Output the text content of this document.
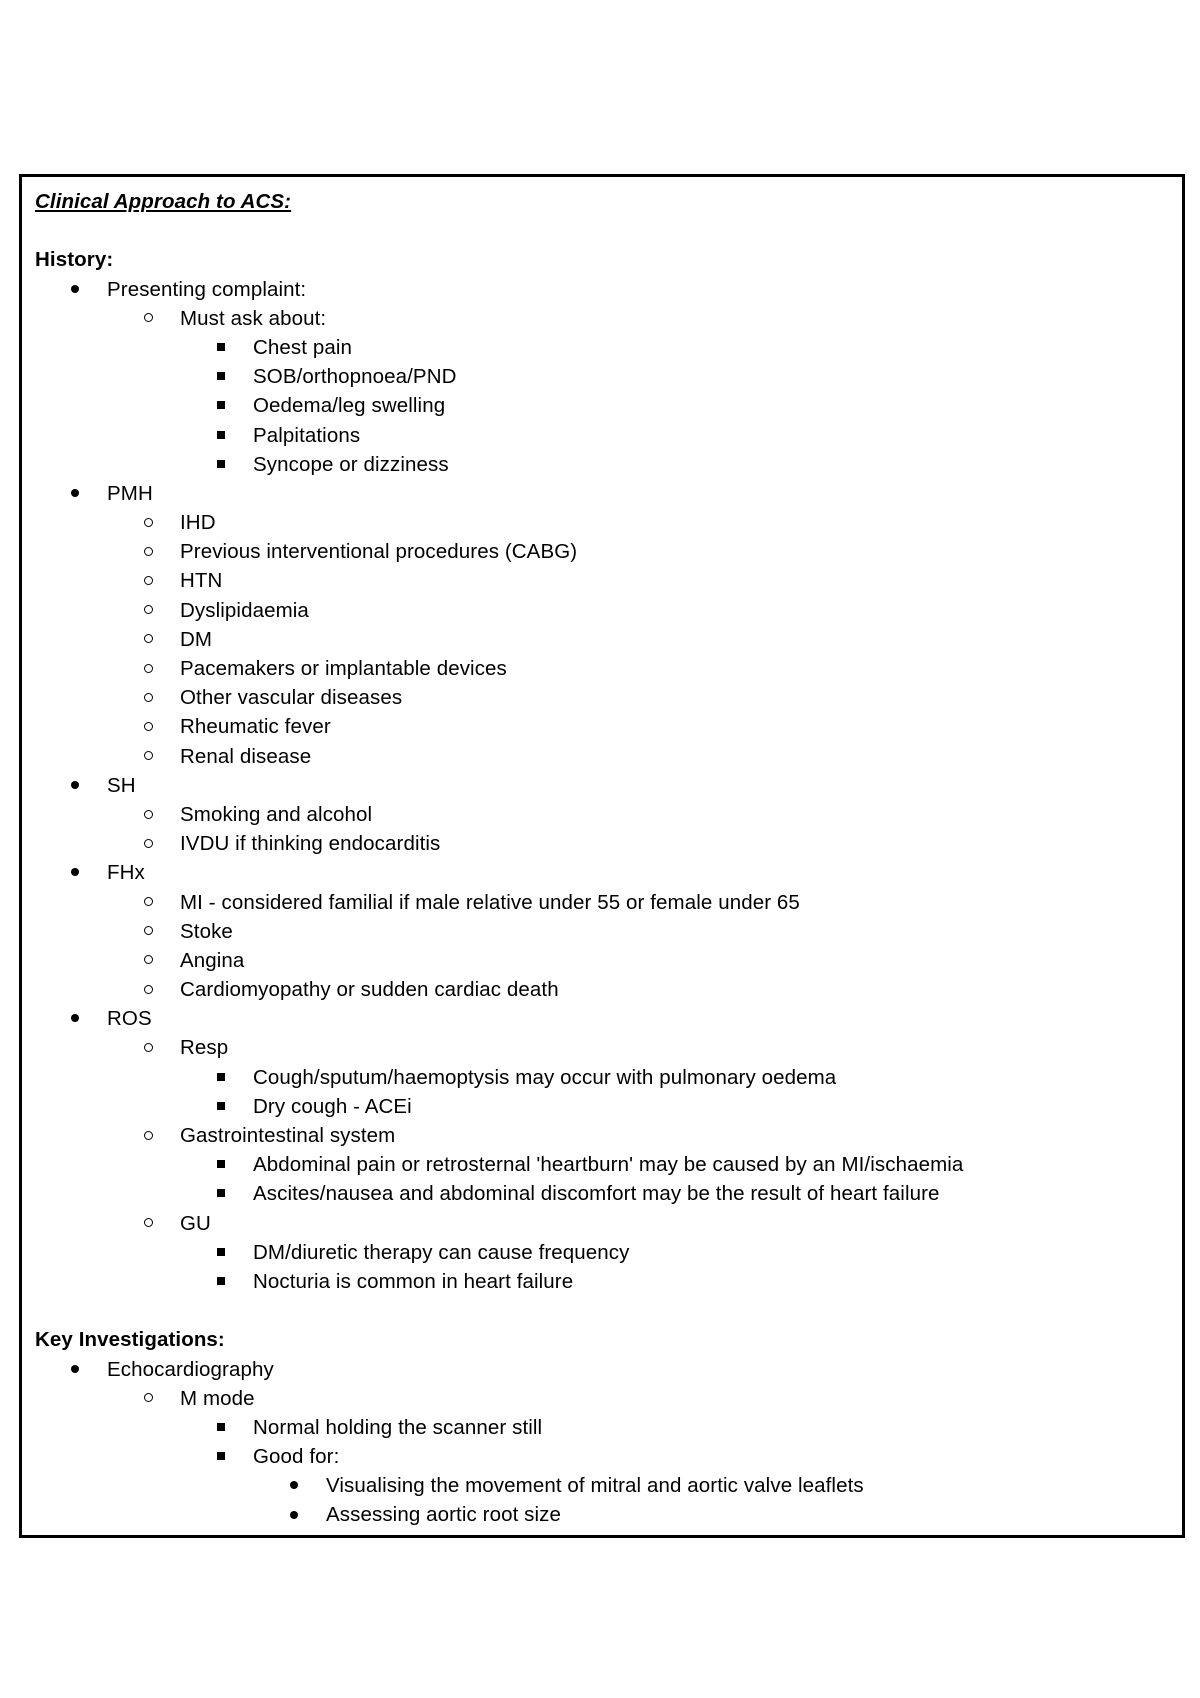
Clinical Approach to ACS:
History:
Presenting complaint:
Must ask about:
Chest pain
SOB/orthopnoea/PND
Oedema/leg swelling
Palpitations
Syncope or dizziness
PMH
IHD
Previous interventional procedures (CABG)
HTN
Dyslipidaemia
DM
Pacemakers or implantable devices
Other vascular diseases
Rheumatic fever
Renal disease
SH
Smoking and alcohol
IVDU if thinking endocarditis
FHx
MI - considered familial if male relative under 55 or female under 65
Stoke
Angina
Cardiomyopathy or sudden cardiac death
ROS
Resp
Cough/sputum/haemoptysis may occur with pulmonary oedema
Dry cough - ACEi
Gastrointestinal system
Abdominal pain or retrosternal 'heartburn' may be caused by an MI/ischaemia
Ascites/nausea and abdominal discomfort may be the result of heart failure
GU
DM/diuretic therapy can cause frequency
Nocturia is common in heart failure
Key Investigations:
Echocardiography
M mode
Normal holding the scanner still
Good for:
Visualising the movement of mitral and aortic valve leaflets
Assessing aortic root size
